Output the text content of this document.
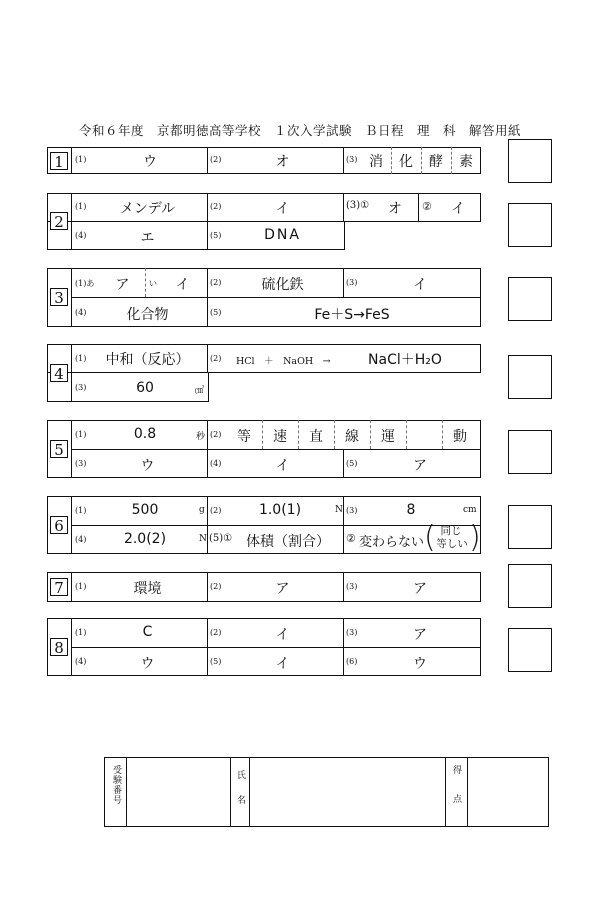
令和６年度　京都明徳高等学校　１次入学試験　Ｂ日程　理　科　解答用紙
1	(1)	ウ	(2)	オ	(3) 消	化	酵	素
2
(1)	メンデル	(2)	イ	(3)①	オ	②	イ
(4)	エ	(5)	DNA
3
(1)あ	ア	い	イ	(2)	硫化鉄	(3)	イ
(4)	化合物	(5)	Fe＋S→FeS
4
(1)	中和（反応）	(2) HCl　＋　NaOH　→	NaCl＋H₂O
(3)	60	㎤
5
(1)	0.8	秒 (2)	等	速	直	線	運	動
(3)	ウ	(4)	イ	(5)	ア
6
(1)	500	g (2)	1.0(1)	N (3)	8	cm
(4)	2.0(2)	N (5)① 体積（割合）	② 変わらない ( 同じ
等しい )
7	(1)	環境	(2)	ア	(3)	ア
8
(1)	C	(2)	イ	(3)	ア
(4)	ウ	(5)	イ	(6)	ウ
受験番号	氏名	得点
